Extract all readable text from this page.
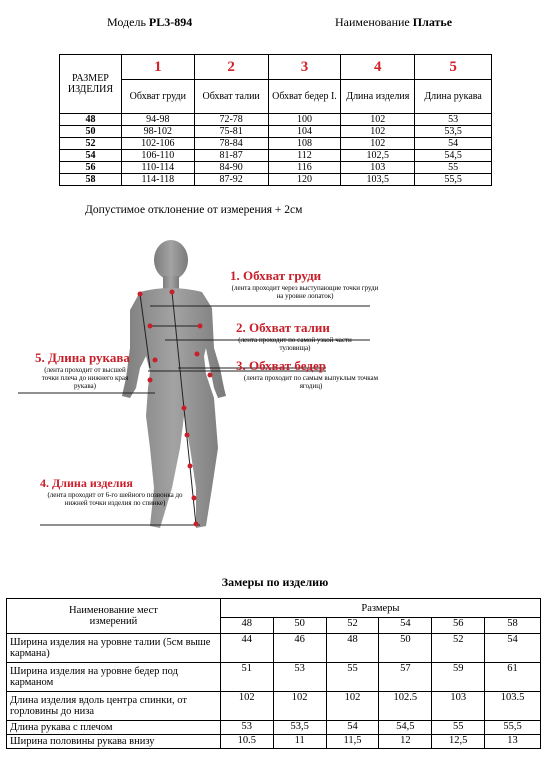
Модель PL3-894	Наименование Платье
РАЗМЕР ИЗДЕЛИЯ	1	2	3	4	5
	Обхват груди	Обхват талии	Обхват бедер I.	Длина изделия	Длина рукава
48	94-98	72-78	100	102	53
50	98-102	75-81	104	102	53,5
52	102-106	78-84	108	102	54
54	106-110	81-87	112	102,5	54,5
56	110-114	84-90	116	103	55
58	114-118	87-92	120	103,5	55,5
Допустимое отклонение от измерения + 2см
1. Обхват груди
(лента проходит через выступающие точки груди на уровне лопаток)
2. Обхват талии
(лента проходит по самой узкой части туловища)
3. Обхват бедер
(лента проходит по самым выпуклым точкам ягодиц)
5. Длина рукава
(лента проходит от высшей точки плеча до нижнего края рукава)
4. Длина изделия
(лента проходит от 6-го шейного позвонка до нижней точки изделия по спинке)
Замеры по изделию
Наименование мест измерений	Размеры					
	48	50	52	54	56	58
Ширина изделия на уровне талии (5см выше кармана)	44	46	48	50	52	54
Ширина изделия на уровне бедер под карманом	51	53	55	57	59	61
Длина изделия вдоль центра спинки, от горловины до низа	102	102	102	102.5	103	103.5
Длина рукава с плечом	53	53,5	54	54,5	55	55,5
Ширина половины рукава внизу	10.5	11	11,5	12	12,5	13
